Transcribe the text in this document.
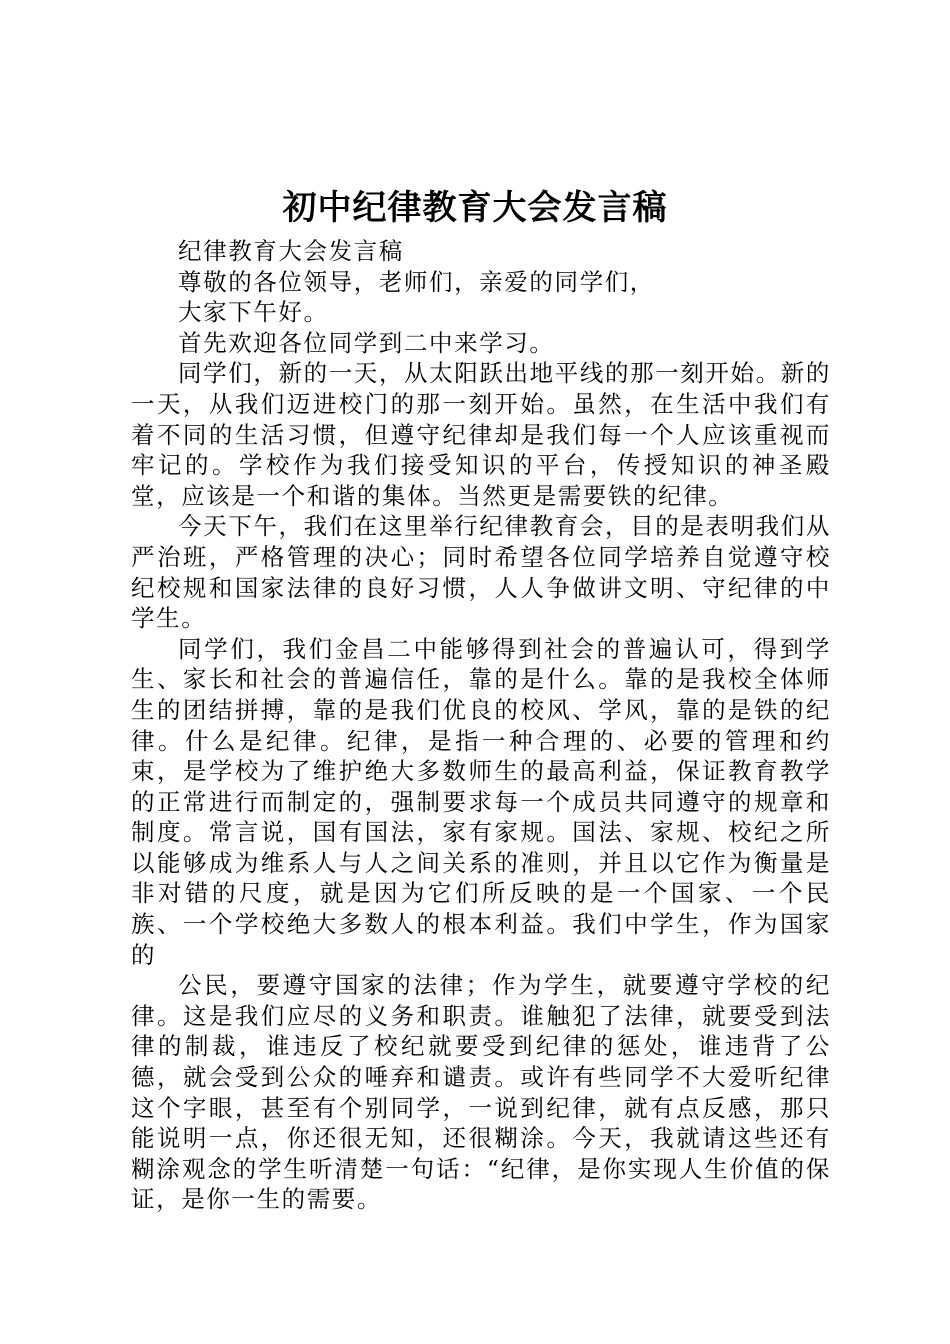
初中纪律教育大会发言稿

纪律教育大会发言稿

尊敬的各位领导，老师们，亲爱的同学们，

大家下午好。

首先欢迎各位同学到二中来学习。

同学们，新的一天，从太阳跃出地平线的那一刻开始。新的一天，从我们迈进校门的那一刻开始。虽然，在生活中我们有着不同的生活习惯，但遵守纪律却是我们每一个人应该重视而牢记的。学校作为我们接受知识的平台，传授知识的神圣殿堂，应该是一个和谐的集体。当然更是需要铁的纪律。

今天下午，我们在这里举行纪律教育会，目的是表明我们从严治班，严格管理的决心；同时希望各位同学培养自觉遵守校纪校规和国家法律的良好习惯，人人争做讲文明、守纪律的中学生。

同学们，我们金昌二中能够得到社会的普遍认可，得到学生、家长和社会的普遍信任，靠的是什么。靠的是我校全体师生的团结拼搏，靠的是我们优良的校风、学风，靠的是铁的纪律。什么是纪律。纪律，是指一种合理的、必要的管理和约束，是学校为了维护绝大多数师生的最高利益，保证教育教学的正常进行而制定的，强制要求每一个成员共同遵守的规章和制度。常言说，国有国法，家有家规。国法、家规、校纪之所以能够成为维系人与人之间关系的准则，并且以它作为衡量是非对错的尺度，就是因为它们所反映的是一个国家、一个民族、一个学校绝大多数人的根本利益。我们中学生，作为国家的

公民，要遵守国家的法律；作为学生，就要遵守学校的纪律。这是我们应尽的义务和职责。谁触犯了法律，就要受到法律的制裁，谁违反了校纪就要受到纪律的惩处，谁违背了公德，就会受到公众的唾弃和谴责。或许有些同学不大爱听纪律这个字眼，甚至有个别同学，一说到纪律，就有点反感，那只能说明一点，你还很无知，还很糊涂。今天，我就请这些还有糊涂观念的学生听清楚一句话：“纪律，是你实现人生价值的保证，是你一生的需要。
